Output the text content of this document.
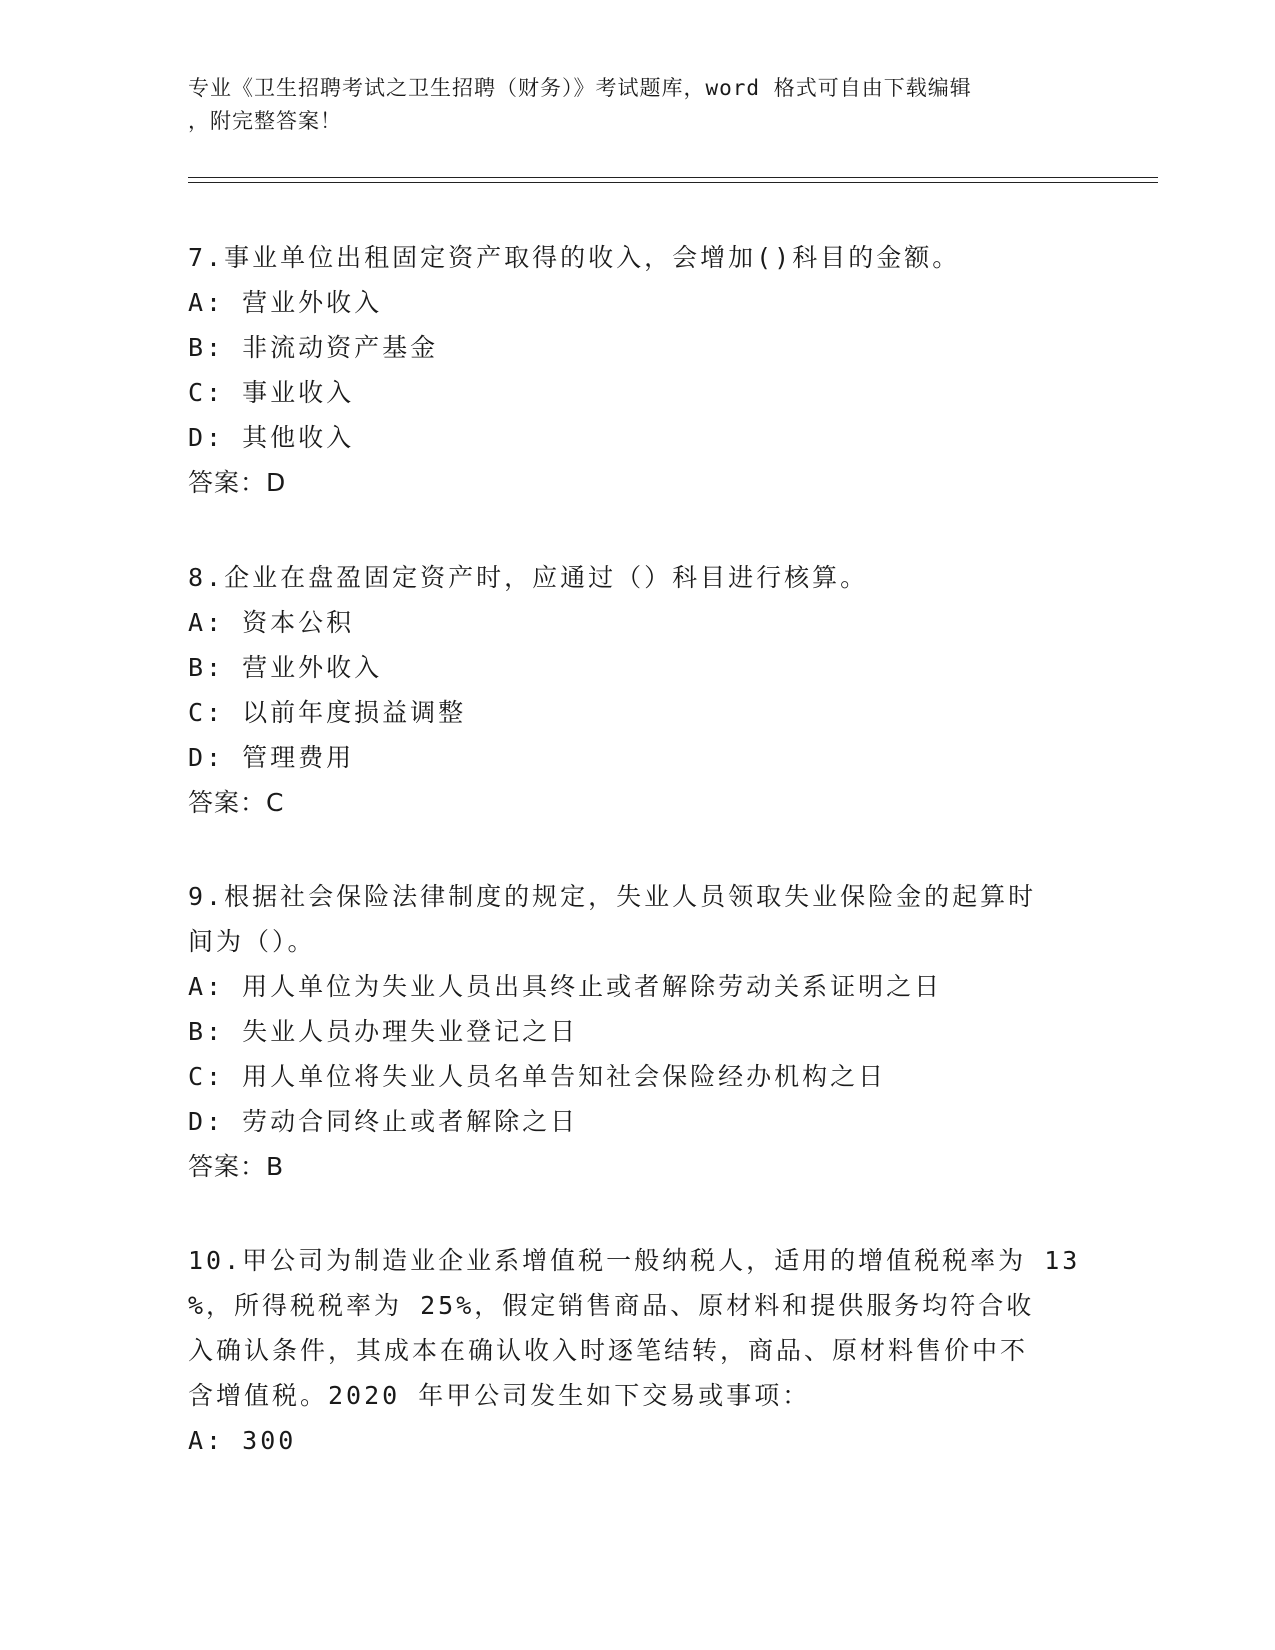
专业《卫生招聘考试之卫生招聘（财务）》考试题库，word 格式可自由下载编辑
，附完整答案！
7.事业单位出租固定资产取得的收入，会增加()科目的金额。
A: 营业外收入
B: 非流动资产基金
C: 事业收入
D: 其他收入
答案：D
8.企业在盘盈固定资产时，应通过（）科目进行核算。
A: 资本公积
B: 营业外收入
C: 以前年度损益调整
D: 管理费用
答案：C
9.根据社会保险法律制度的规定，失业人员领取失业保险金的起算时
间为（）。
A: 用人单位为失业人员出具终止或者解除劳动关系证明之日
B: 失业人员办理失业登记之日
C: 用人单位将失业人员名单告知社会保险经办机构之日
D: 劳动合同终止或者解除之日
答案：B
10.甲公司为制造业企业系增值税一般纳税人，适用的增值税税率为 13
%，所得税税率为 25%，假定销售商品、原材料和提供服务均符合收
入确认条件，其成本在确认收入时逐笔结转，商品、原材料售价中不
含增值税。2020 年甲公司发生如下交易或事项：
A: 300
